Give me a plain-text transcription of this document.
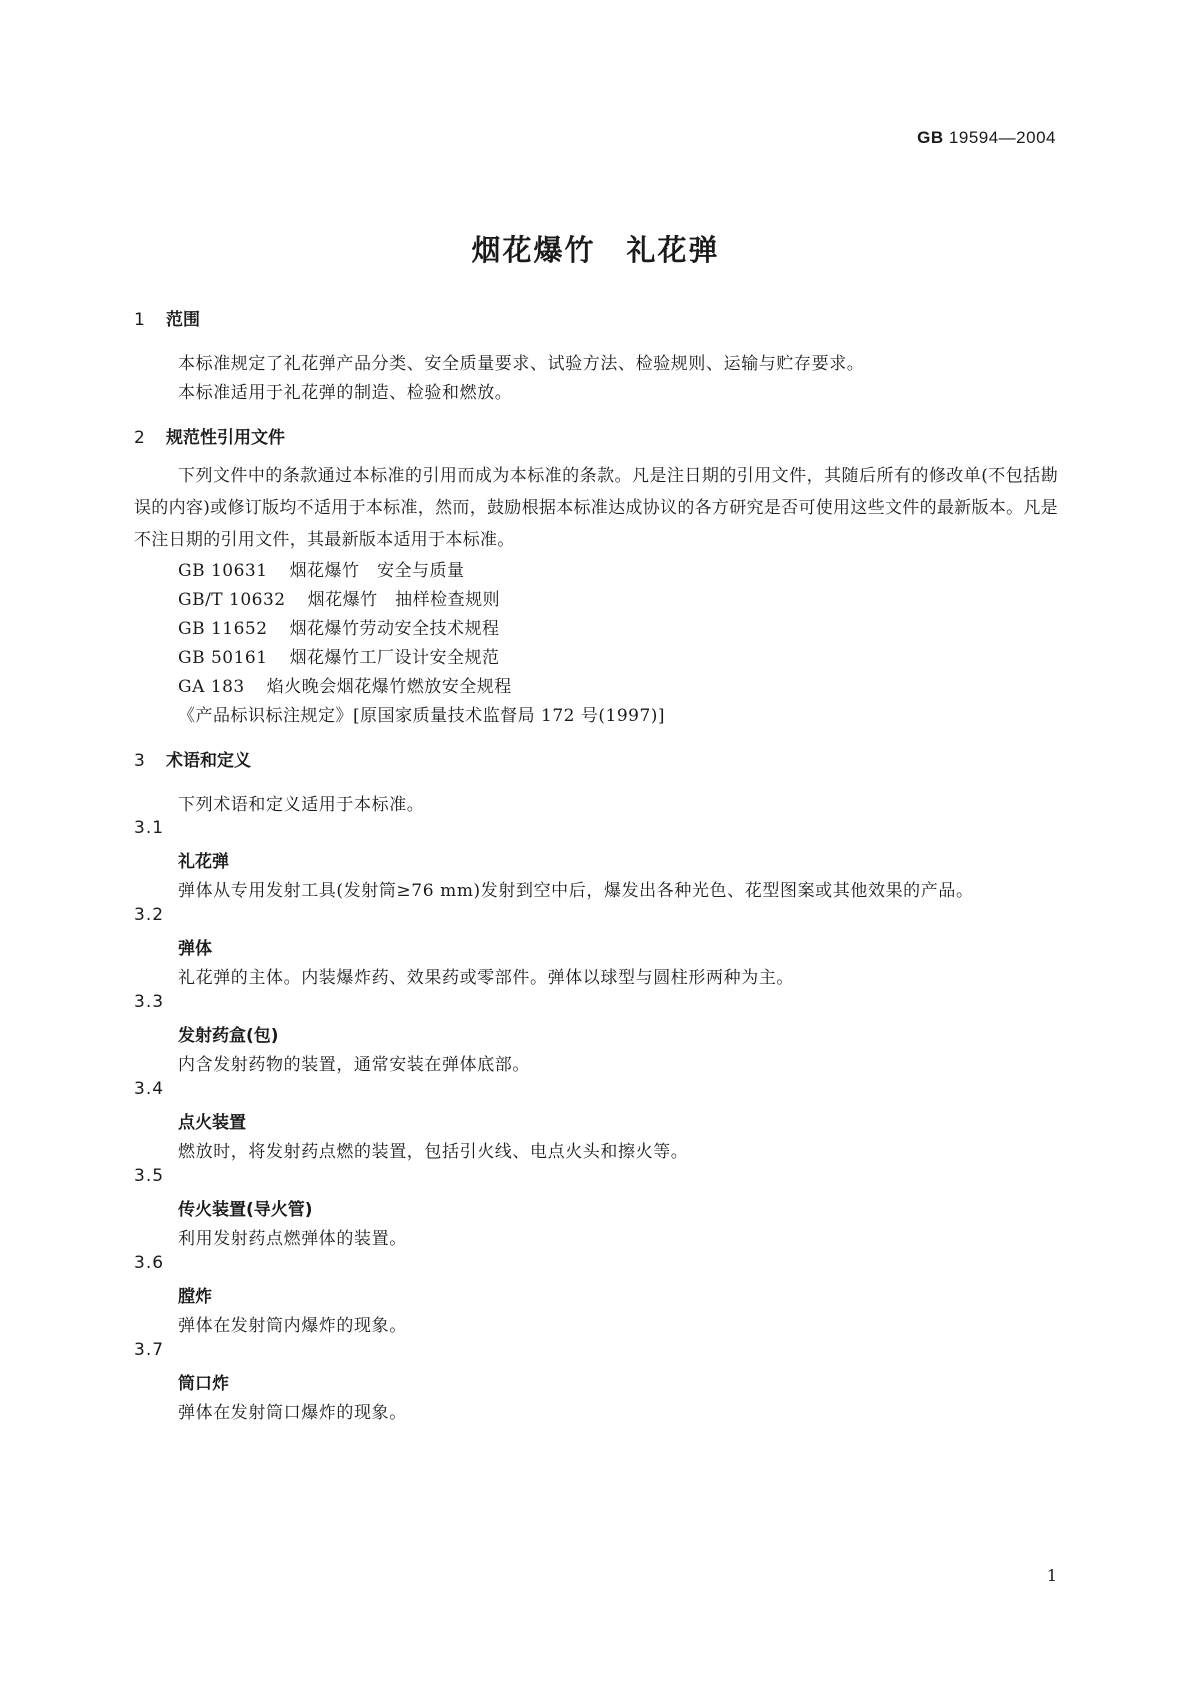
GB 19594—2004
烟花爆竹　礼花弹
1 范围
本标准规定了礼花弹产品分类、安全质量要求、试验方法、检验规则、运输与贮存要求。
本标准适用于礼花弹的制造、检验和燃放。
2 规范性引用文件
下列文件中的条款通过本标准的引用而成为本标准的条款。凡是注日期的引用文件，其随后所有的修改单(不包括勘误的内容)或修订版均不适用于本标准，然而，鼓励根据本标准达成协议的各方研究是否可使用这些文件的最新版本。凡是不注日期的引用文件，其最新版本适用于本标准。
GB 10631 烟花爆竹　安全与质量
GB/T 10632 烟花爆竹　抽样检查规则
GB 11652 烟花爆竹劳动安全技术规程
GB 50161 烟花爆竹工厂设计安全规范
GA 183 焰火晚会烟花爆竹燃放安全规程
《产品标识标注规定》[原国家质量技术监督局 172 号(1997)]
3 术语和定义
下列术语和定义适用于本标准。
3.1
礼花弹
弹体从专用发射工具(发射筒≥76 mm)发射到空中后，爆发出各种光色、花型图案或其他效果的产品。
3.2
弹体
礼花弹的主体。内装爆炸药、效果药或零部件。弹体以球型与圆柱形两种为主。
3.3
发射药盒(包)
内含发射药物的装置，通常安装在弹体底部。
3.4
点火装置
燃放时，将发射药点燃的装置，包括引火线、电点火头和擦火等。
3.5
传火装置(导火管)
利用发射药点燃弹体的装置。
3.6
膛炸
弹体在发射筒内爆炸的现象。
3.7
筒口炸
弹体在发射筒口爆炸的现象。
1
